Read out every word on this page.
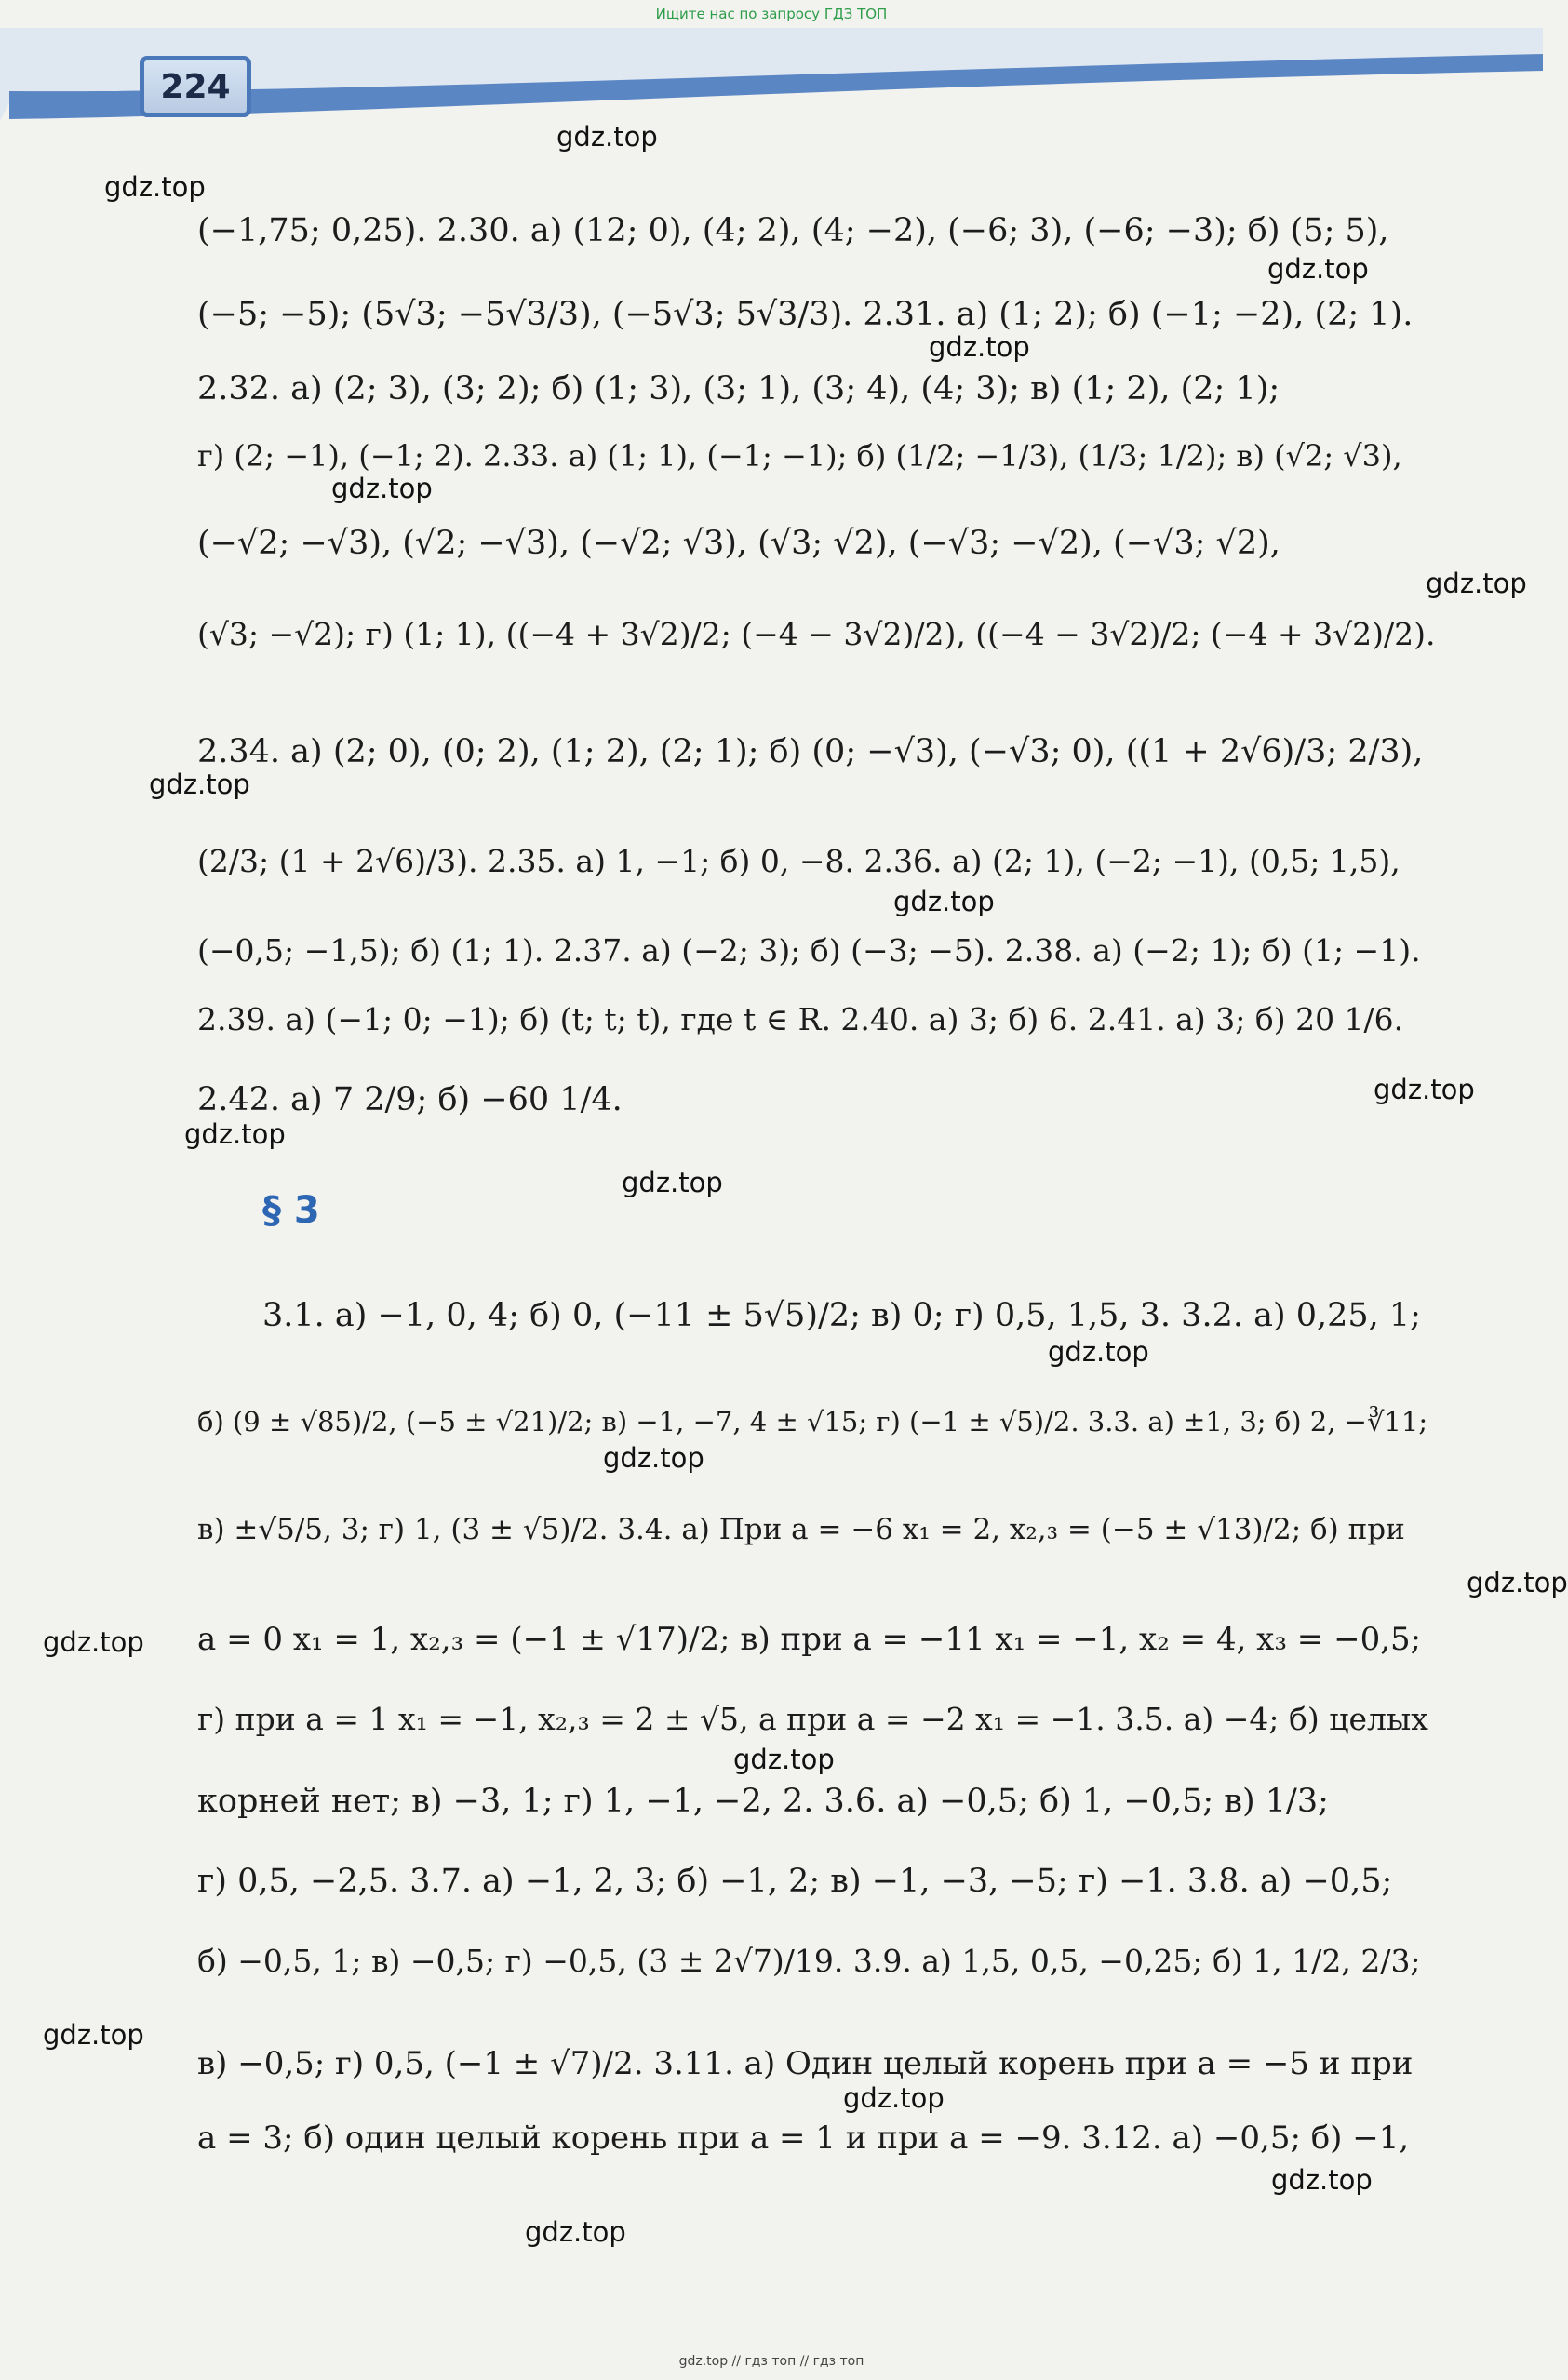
Ищите нас по запросу ГДЗ ТОП
224
gdz.top
gdz.top
gdz.top
gdz.top
gdz.top
gdz.top
gdz.top
gdz.top
gdz.top
gdz.top
gdz.top
gdz.top
gdz.top
gdz.top
gdz.top
gdz.top
gdz.top
gdz.top
gdz.top
gdz.top
(−1,75; 0,25). 2.30. а) (12; 0), (4; 2), (4; −2), (−6; 3), (−6; −3); б) (5; 5),
(−5; −5); (5√3; −5√3/3), (−5√3; 5√3/3). 2.31. а) (1; 2); б) (−1; −2), (2; 1).
2.32. а) (2; 3), (3; 2); б) (1; 3), (3; 1), (3; 4), (4; 3); в) (1; 2), (2; 1);
г) (2; −1), (−1; 2). 2.33. а) (1; 1), (−1; −1); б) (1/2; −1/3), (1/3; 1/2); в) (√2; √3),
(−√2; −√3), (√2; −√3), (−√2; √3), (√3; √2), (−√3; −√2), (−√3; √2),
(√3; −√2); г) (1; 1), ((−4 + 3√2)/2; (−4 − 3√2)/2), ((−4 − 3√2)/2; (−4 + 3√2)/2).
2.34. а) (2; 0), (0; 2), (1; 2), (2; 1); б) (0; −√3), (−√3; 0), ((1 + 2√6)/3; 2/3),
(2/3; (1 + 2√6)/3). 2.35. а) 1, −1; б) 0, −8. 2.36. а) (2; 1), (−2; −1), (0,5; 1,5),
(−0,5; −1,5); б) (1; 1). 2.37. а) (−2; 3); б) (−3; −5). 2.38. а) (−2; 1); б) (1; −1).
2.39. а) (−1; 0; −1); б) (t; t; t), где t ∈ R. 2.40. а) 3; б) 6. 2.41. а) 3; б) 20 1/6.
2.42. а) 7 2/9; б) −60 1/4.
§ 3
3.1. а) −1, 0, 4; б) 0, (−11 ± 5√5)/2; в) 0; г) 0,5, 1,5, 3. 3.2. а) 0,25, 1;
б) (9 ± √85)/2, (−5 ± √21)/2; в) −1, −7, 4 ± √15; г) (−1 ± √5)/2. 3.3. а) ±1, 3; б) 2, −∛11;
в) ±√5/5, 3; г) 1, (3 ± √5)/2. 3.4. а) При a = −6 x₁ = 2, x₂,₃ = (−5 ± √13)/2; б) при
a = 0 x₁ = 1, x₂,₃ = (−1 ± √17)/2; в) при a = −11 x₁ = −1, x₂ = 4, x₃ = −0,5;
г) при a = 1 x₁ = −1, x₂,₃ = 2 ± √5, а при a = −2 x₁ = −1. 3.5. а) −4; б) целых
корней нет; в) −3, 1; г) 1, −1, −2, 2. 3.6. а) −0,5; б) 1, −0,5; в) 1/3;
г) 0,5, −2,5. 3.7. а) −1, 2, 3; б) −1, 2; в) −1, −3, −5; г) −1. 3.8. а) −0,5;
б) −0,5, 1; в) −0,5; г) −0,5, (3 ± 2√7)/19. 3.9. а) 1,5, 0,5, −0,25; б) 1, 1/2, 2/3;
в) −0,5; г) 0,5, (−1 ± √7)/2. 3.11. а) Один целый корень при a = −5 и при
a = 3; б) один целый корень при a = 1 и при a = −9. 3.12. а) −0,5; б) −1,
gdz.top // гдз топ // гдз топ
